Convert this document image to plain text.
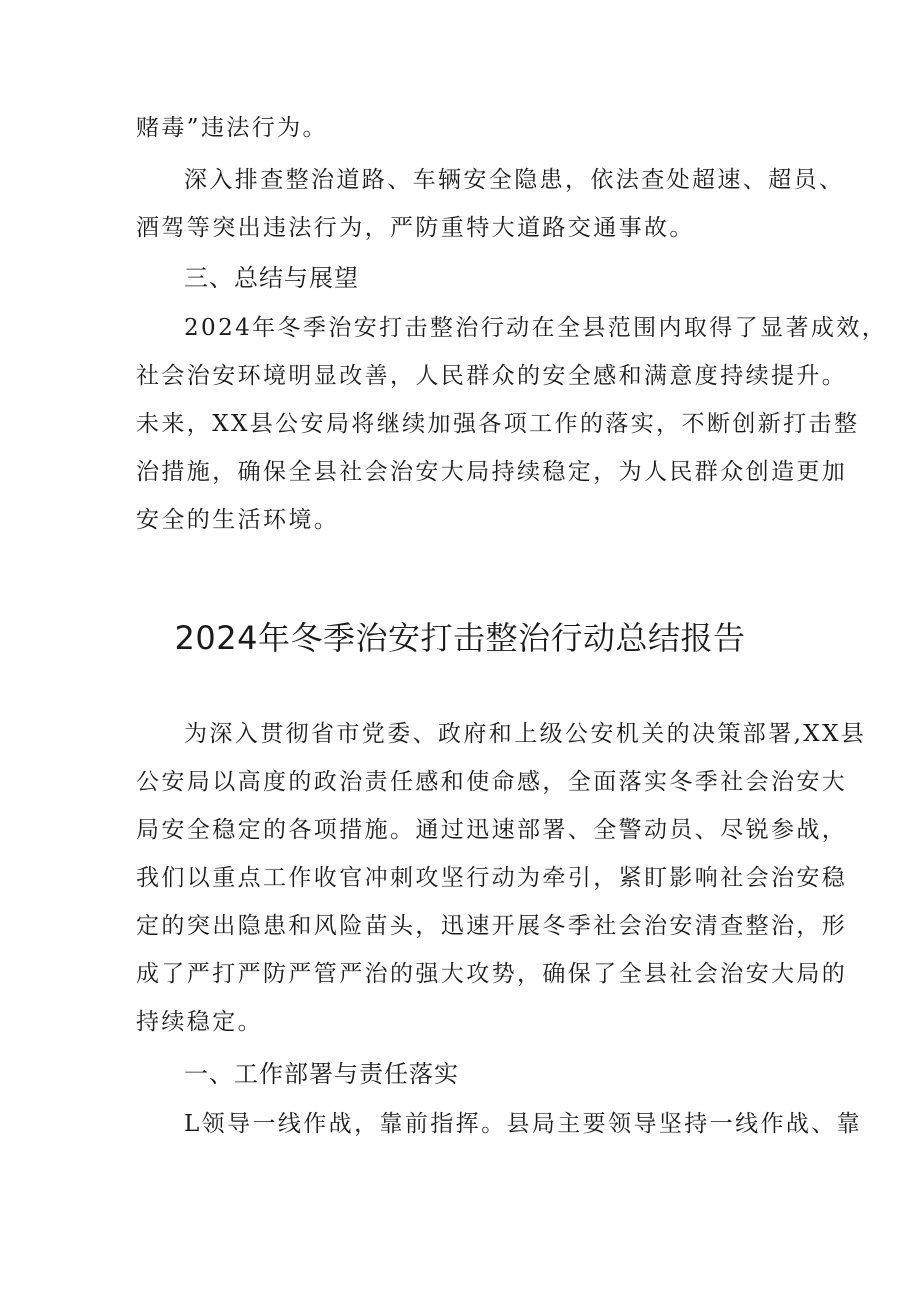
赌毒”违法行为。
深入排查整治道路、车辆安全隐患，依法查处超速、超员、
酒驾等突出违法行为，严防重特大道路交通事故。
三、总结与展望
2024年冬季治安打击整治行动在全县范围内取得了显著成效，
社会治安环境明显改善，人民群众的安全感和满意度持续提升。
未来，XX县公安局将继续加强各项工作的落实，不断创新打击整
治措施，确保全县社会治安大局持续稳定，为人民群众创造更加
安全的生活环境。
2024年冬季治安打击整治行动总结报告
为深入贯彻省市党委、政府和上级公安机关的决策部署,XX县
公安局以高度的政治责任感和使命感，全面落实冬季社会治安大
局安全稳定的各项措施。通过迅速部署、全警动员、尽锐参战，
我们以重点工作收官冲刺攻坚行动为牵引，紧盯影响社会治安稳
定的突出隐患和风险苗头，迅速开展冬季社会治安清查整治，形
成了严打严防严管严治的强大攻势，确保了全县社会治安大局的
持续稳定。
一、工作部署与责任落实
L领导一线作战，靠前指挥。县局主要领导坚持一线作战、靠
